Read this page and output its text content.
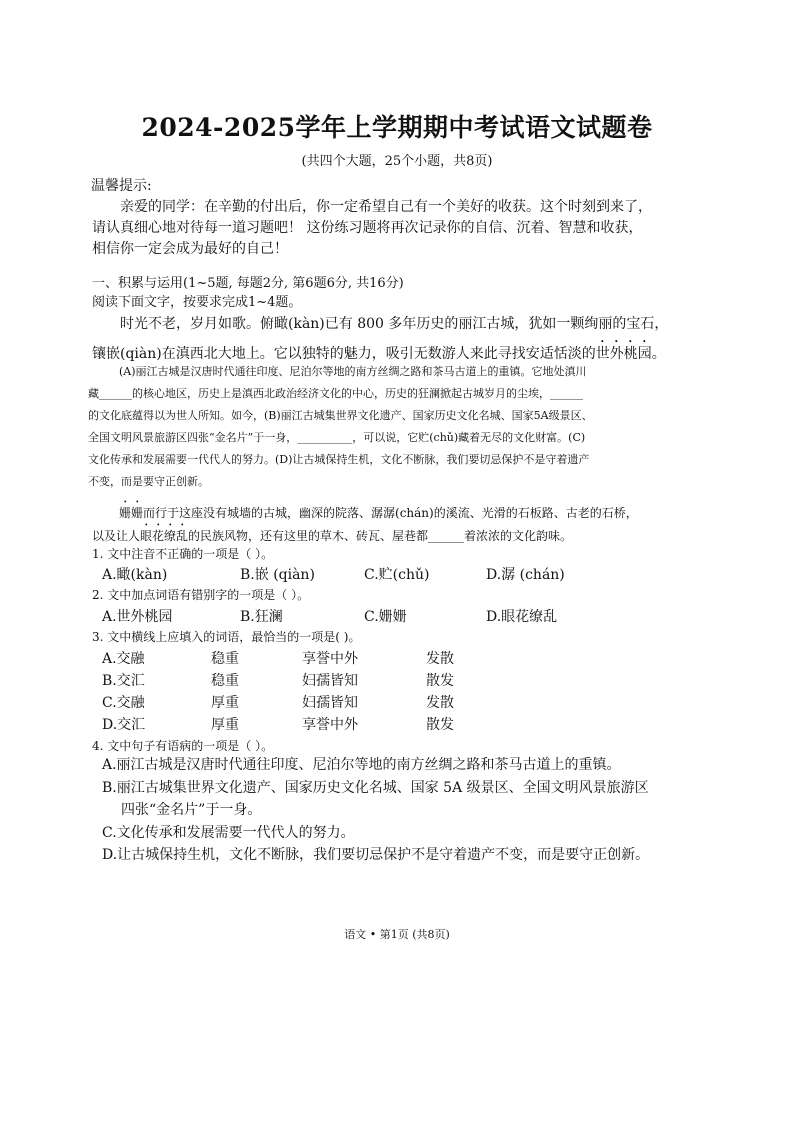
2024-2025学年上学期期中考试语文试题卷
(共四个大题，25个小题，共8页)
温馨提示:
亲爱的同学：在辛勤的付出后，你一定希望自己有一个美好的收获。这个时刻到来了，
请认真细心地对待每一道习题吧！ 这份练习题将再次记录你的自信、沉着、智慧和收获，
相信你一定会成为最好的自己！
一、积累与运用(1~5题, 每题2分, 第6题6分, 共16分)
阅读下面文字，按要求完成1~4题。
时光不老，岁月如歌。俯瞰(kàn)已有 800 多年历史的丽江古城，犹如一颗绚丽的宝石，
镶嵌(qiàn)在滇西北大地上。它以独特的魅力，吸引无数游人来此寻找安适恬淡的世外桃园。
(A)丽江古城是汉唐时代通往印度、尼泊尔等地的南方丝绸之路和茶马古道上的重镇。它地处滇川
藏______的核心地区，历史上是滇西北政治经济文化的中心，历史的狂澜掀起古城岁月的尘埃，______
的文化底蕴得以为世人所知。如今，(B)丽江古城集世界文化遗产、国家历史文化名城、国家5A级景区、
全国文明风景旅游区四张“金名片”于一身，__________，可以说，它贮(chǔ)藏着无尽的文化财富。(C)
文化传承和发展需要一代代人的努力。(D)让古城保持生机，文化不断脉，我们要切忌保护不是守着遗产
不变，而是要守正创新。
姗姗而行于这座没有城墙的古城，幽深的院落、潺潺(chán)的溪流、光滑的石板路、古老的石桥，
以及让人眼花缭乱的民族风物，还有这里的草木、砖瓦、屋巷都______着浓浓的文化韵味。
1. 文中注音不正确的一项是（ ）。
A.瞰(kàn)	B.嵌 (qiàn)	C.贮(chǔ)	D.潺 (chán)
2. 文中加点词语有错别字的一项是（ ）。
A.世外桃园	B.狂澜	C.姗姗	D.眼花缭乱
3. 文中横线上应填入的词语，最恰当的一项是( )。
A.交融	稳重	享誉中外	发散
B.交汇	稳重	妇孺皆知	散发
C.交融	厚重	妇孺皆知	发散
D.交汇	厚重	享誉中外	散发
4. 文中句子有语病的一项是（ ）。
A.丽江古城是汉唐时代通往印度、尼泊尔等地的南方丝绸之路和茶马古道上的重镇。
B.丽江古城集世界文化遗产、国家历史文化名城、国家 5A 级景区、全国文明风景旅游区
四张“金名片”于一身。
C.文化传承和发展需要一代代人的努力。
D.让古城保持生机，文化不断脉，我们要切忌保护不是守着遗产不变，而是要守正创新。
语文 • 第1页 (共8页)
